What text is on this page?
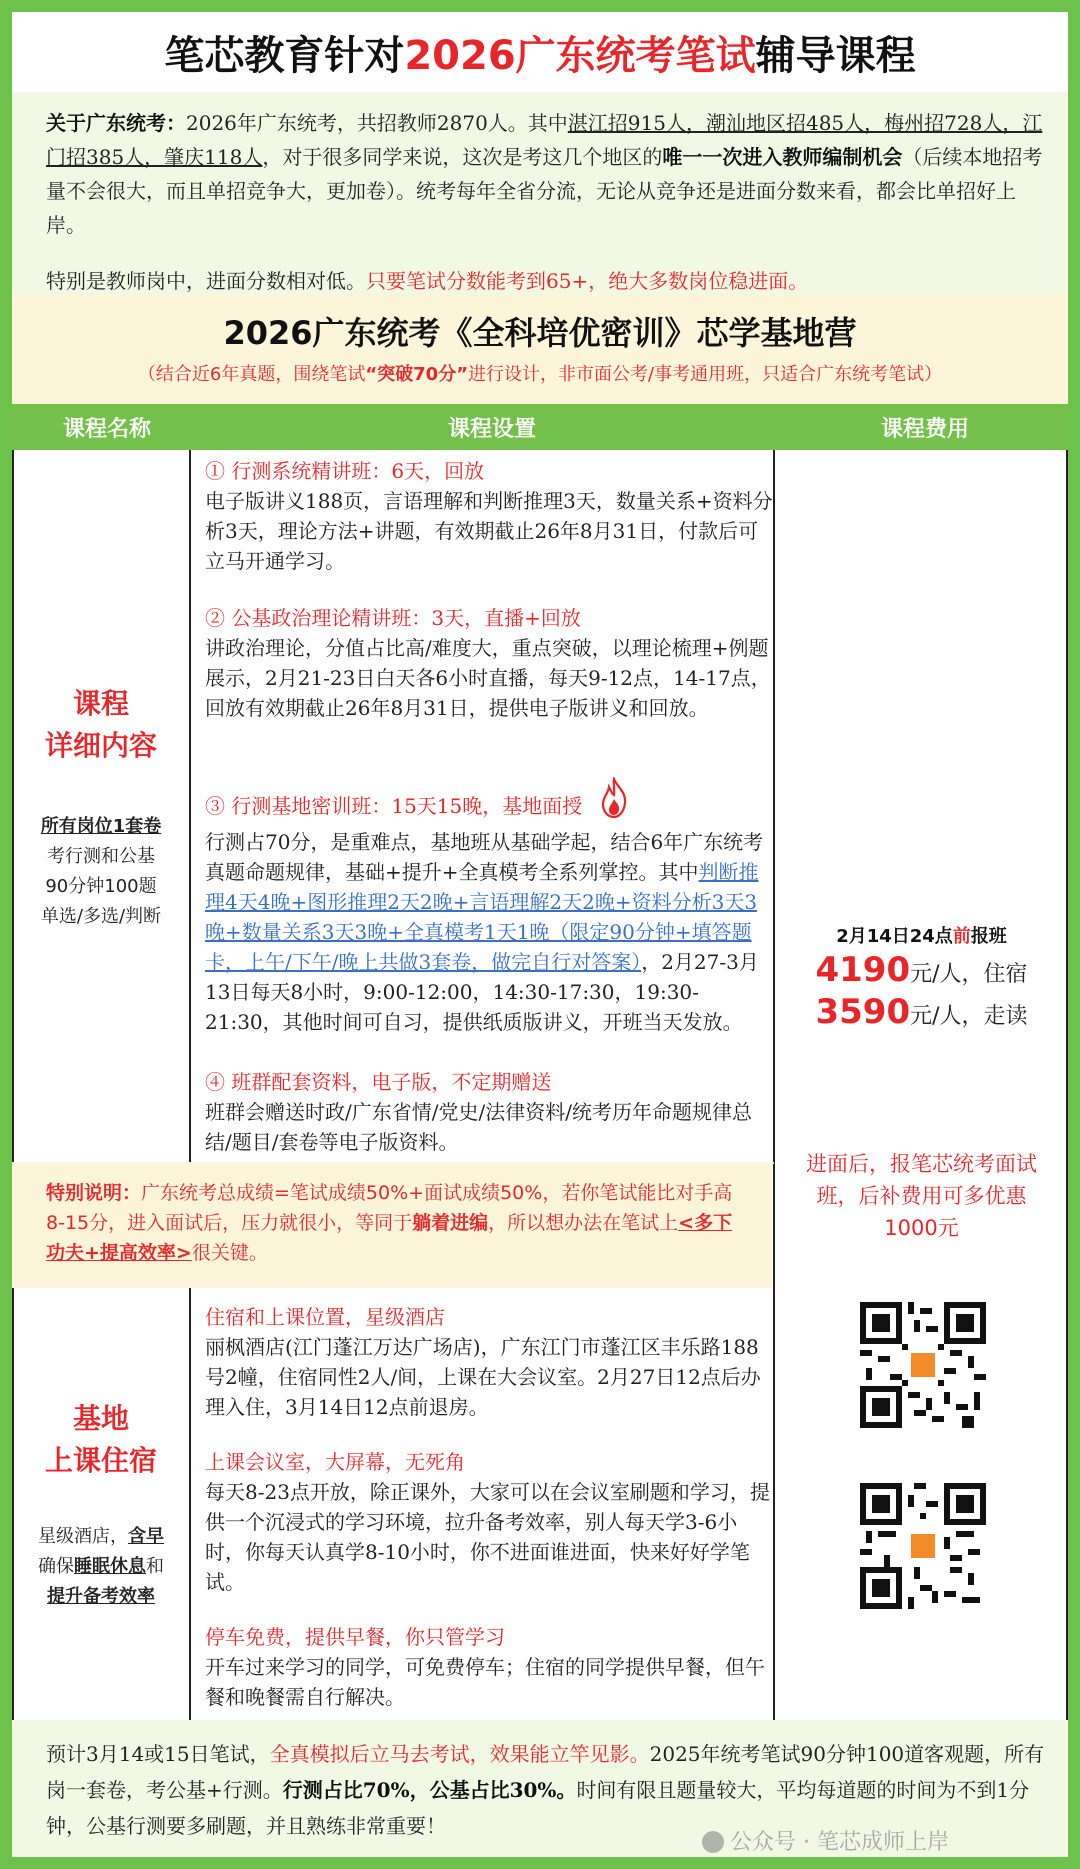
笔芯教育针对 2026广东统考笔试 辅导课程

关于广东统考：2026年广东统考，共招教师2870人。其中湛江招915人，潮汕地区招485人，梅州招728人，江门招385人，肇庆118人，对于很多同学来说，这次是考这几个地区的唯一一次进入教师编制机会（后续本地招考量不会很大，而且单招竞争大，更加卷）。统考每年全省分流，无论从竞争还是进面分数来看，都会比单招好上岸。

特别是教师岗中，进面分数相对低。只要笔试分数能考到65+，绝大多数岗位稳进面。

2026广东统考《全科培优密训》芯学基地营
（结合近6年真题，围绕笔试“突破70分”进行设计，非市面公考/事考通用班，只适合广东统考笔试）
课程名称	课程设置	课程费用
课程
详细内容
所有岗位1套卷
考行测和公基
90分钟100题
单选/多选/判断

① 行测系统精讲班：6天，回放

电子版讲义188页，言语理解和判断推理3天，数量关系+资料分析3天，理论方法+讲题，有效期截止26年8月31日，付款后可立马开通学习。

② 公基政治理论精讲班：3天，直播+回放

讲政治理论，分值占比高/难度大，重点突破，以理论梳理+例题展示，2月21-23日白天各6小时直播，每天9-12点，14-17点，回放有效期截止26年8月31日，提供电子版讲义和回放。

③ 行测基地密训班：15天15晚，基地面授

行测占70分，是重难点，基地班从基础学起，结合6年广东统考真题命题规律，基础+提升+全真模考全系列掌控。其中判断推理4天4晚+图形推理2天2晚+言语理解2天2晚+资料分析3天3晚+数量关系3天3晚+全真模考1天1晚（限定90分钟+填答题卡，上午/下午/晚上共做3套卷，做完自行对答案），2月27-3月13日每天8小时，9:00-12:00，14:30-17:30，19:30-21:30，其他时间可自习，提供纸质版讲义，开班当天发放。

④ 班群配套资料，电子版，不定期赠送

班群会赠送时政/广东省情/党史/法律资料/统考历年命题规律总结/题目/套卷等电子版资料。

2月14日24点前报班
4190元/人，住宿
3590元/人，走读
进面后，报笔芯统考面试班，后补费用可多优惠1000元
特别说明：广东统考总成绩=笔试成绩50%+面试成绩50%，若你笔试能比对手高8-15分，进入面试后，压力就很小，等同于躺着进编，所以想办法在笔试上<多下功夫+提高效率>很关键。
基地
上课住宿
星级酒店，含早
确保睡眠休息和
提升备考效率

住宿和上课位置，星级酒店

丽枫酒店(江门蓬江万达广场店)，广东江门市蓬江区丰乐路188号2幢，住宿同性2人/间，上课在大会议室。2月27日12点后办理入住，3月14日12点前退房。

上课会议室，大屏幕，无死角

每天8-23点开放，除正课外，大家可以在会议室刷题和学习，提供一个沉浸式的学习环境，拉升备考效率，别人每天学3-6小时，你每天认真学8-10小时，你不进面谁进面，快来好好学笔试。

停车免费，提供早餐，你只管学习

开车过来学习的同学，可免费停车；住宿的同学提供早餐，但午餐和晚餐需自行解决。

预计3月14或15日笔试，全真模拟后立马去考试，效果能立竿见影。2025年统考笔试90分钟100道客观题，所有岗一套卷，考公基+行测。行测占比70%，公基占比30%。时间有限且题量较大，平均每道题的时间为不到1分钟，公基行测要多刷题，并且熟练非常重要！
公众号 · 笔芯成师上岸
